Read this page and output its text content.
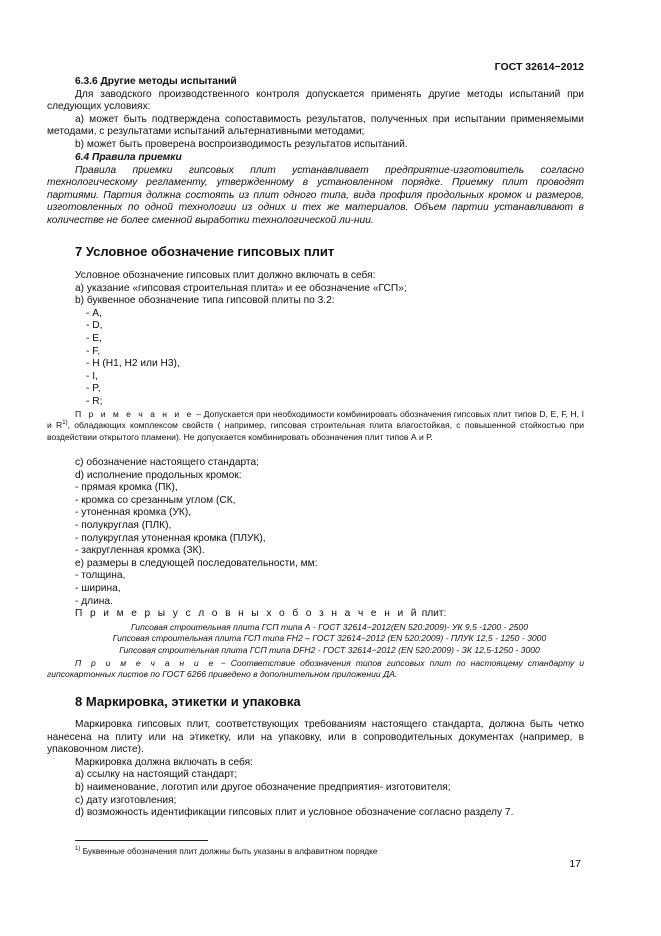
ГОСТ 32614−2012

6.3.6 Другие методы испытаний

Для заводского производственного контроля допускается применять другие методы испытаний при следующих условиях:

а) может быть подтверждена сопоставимость результатов, полученных при испытании применяемыми методами, с результатами испытаний альтернативными методами;

b) может быть проверена воспроизводимость результатов испытаний.

6.4 Правила приемки

Правила приемки гипсовых плит устанавливает предприятие-изготовитель согласно технологическому регламенту, утвержденному в установленном порядке. Приемку плит проводят партиями. Партия должна состоять из плит одного типа, вида профиля продольных кромок и размеров, изготовленных по одной технологии из одних и тех же материалов. Объем партии устанавливают в количестве не более сменной выработки технологической ли-нии.

7 Условное обозначение гипсовых плит

Условное обозначение гипсовых плит должно включать в себя:

а) указание «гипсовая строительная плита» и ее обозначение «ГСП»;

b) буквенное обозначение типа гипсовой плиты по 3.2:

- А,

- D,

- E,

- F,

- H (H1, H2 или H3),

- I,

- P,

- R;

П р и м е ч а н и е – Допускается при необходимости комбинировать обозначения гипсовых плит типов D, E, F, H, I и $R^{1)}$, обладающих комплексом свойств ( например, гипсовая строительная плита влагостойкая, с повышенной стойкостью при воздействии открытого пламени). Не допускается комбинировать обозначения плит типов А и Р.

с) обозначение настоящего стандарта;

d) исполнение продольных кромок:

- прямая кромка (ПК),

- кромка со срезанным углом (СК,

- утоненная кромка (УК),

- полукруглая (ПЛК),

- полукруглая утоненная кромка (ПЛУК),

- закругленная кромка (ЗК).

е) размеры в следующей последовательности, мм:

- толщина,

- ширина,

- длина.

П р и м е р ы у с л о в н ы х о б о з н а ч е н и й плит:

Гипсовая строительная плита ГСП типа А - ГОСТ 32614−2012(EN 520:2009)- УК 9,5 -1200 - 2500

Гипсовая строительная плита ГСП типа FH2 – ГОСТ 32614−2012 (EN 520:2009) - ПЛУК 12,5 - 1250 - 3000

Гипсовая строительная плита ГСП типа DFH2 - ГОСТ 32614−2012 (EN 520:2009) - ЗК 12,5-1250 - 3000

П р и м е ч а н и е − Соответствие обозначения типов гипсовых плит по настоящему стандарту и гипсокартонных листов по ГОСТ 6266 приведено в дополнительном приложении ДА.
8 Маркировка, этикетки и упаковка

Маркировка гипсовых плит, соответствующих требованиям настоящего стандарта, должна быть четко нанесена на плиту или на этикетку, или на упаковку, или в сопроводительных документах (например, в упаковочном листе).

Маркировка должна включать в себя:

а) ссылку на настоящий стандарт;

b) наименование, логотип или другое обозначение предприятия- изготовителя;

с) дату изготовления;

d) возможность идентификации гипсовых плит и условное обозначение согласно разделу 7.

$^{1)}$ Буквенные обозначения плит должны быть указаны в алфавитном порядке
17
